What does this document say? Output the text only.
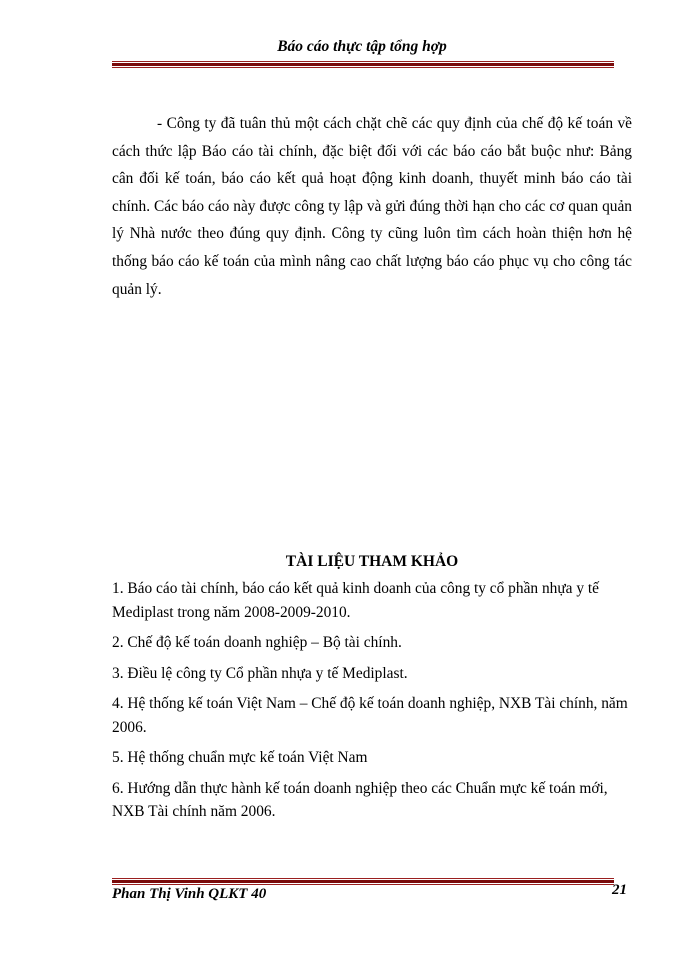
Báo cáo thực tập tổng hợp

- Công ty đã tuân thủ một cách chặt chẽ các quy định của chế độ kế toán về cách thức lập Báo cáo tài chính, đặc biệt đối với các báo cáo bắt buộc như: Bảng cân đối kế toán, báo cáo kết quả hoạt động kinh doanh, thuyết minh báo cáo tài chính. Các báo cáo này được công ty lập và gửi đúng thời hạn cho các cơ quan quản lý Nhà nước theo đúng quy định. Công ty cũng luôn tìm cách hoàn thiện hơn hệ thống báo cáo kế toán của mình nâng cao chất lượng báo cáo phục vụ cho công tác quản lý.

TÀI LIỆU THAM KHẢO
1. Báo cáo tài chính, báo cáo kết quả kinh doanh của công ty cổ phần nhựa y tế Mediplast trong năm 2008-2009-2010.
2. Chế độ kế toán doanh nghiệp – Bộ tài chính.
3. Điều lệ công ty Cổ phần nhựa y tế Mediplast.
4. Hệ thống kế toán Việt Nam – Chế độ kế toán doanh nghiệp, NXB Tài chính, năm 2006.
5. Hệ thống chuẩn mực kế toán Việt Nam
6. Hướng dẫn thực hành kế toán doanh nghiệp theo các Chuẩn mực kế toán mới, NXB Tài chính năm 2006.
Phan Thị Vinh QLKT 40	21
